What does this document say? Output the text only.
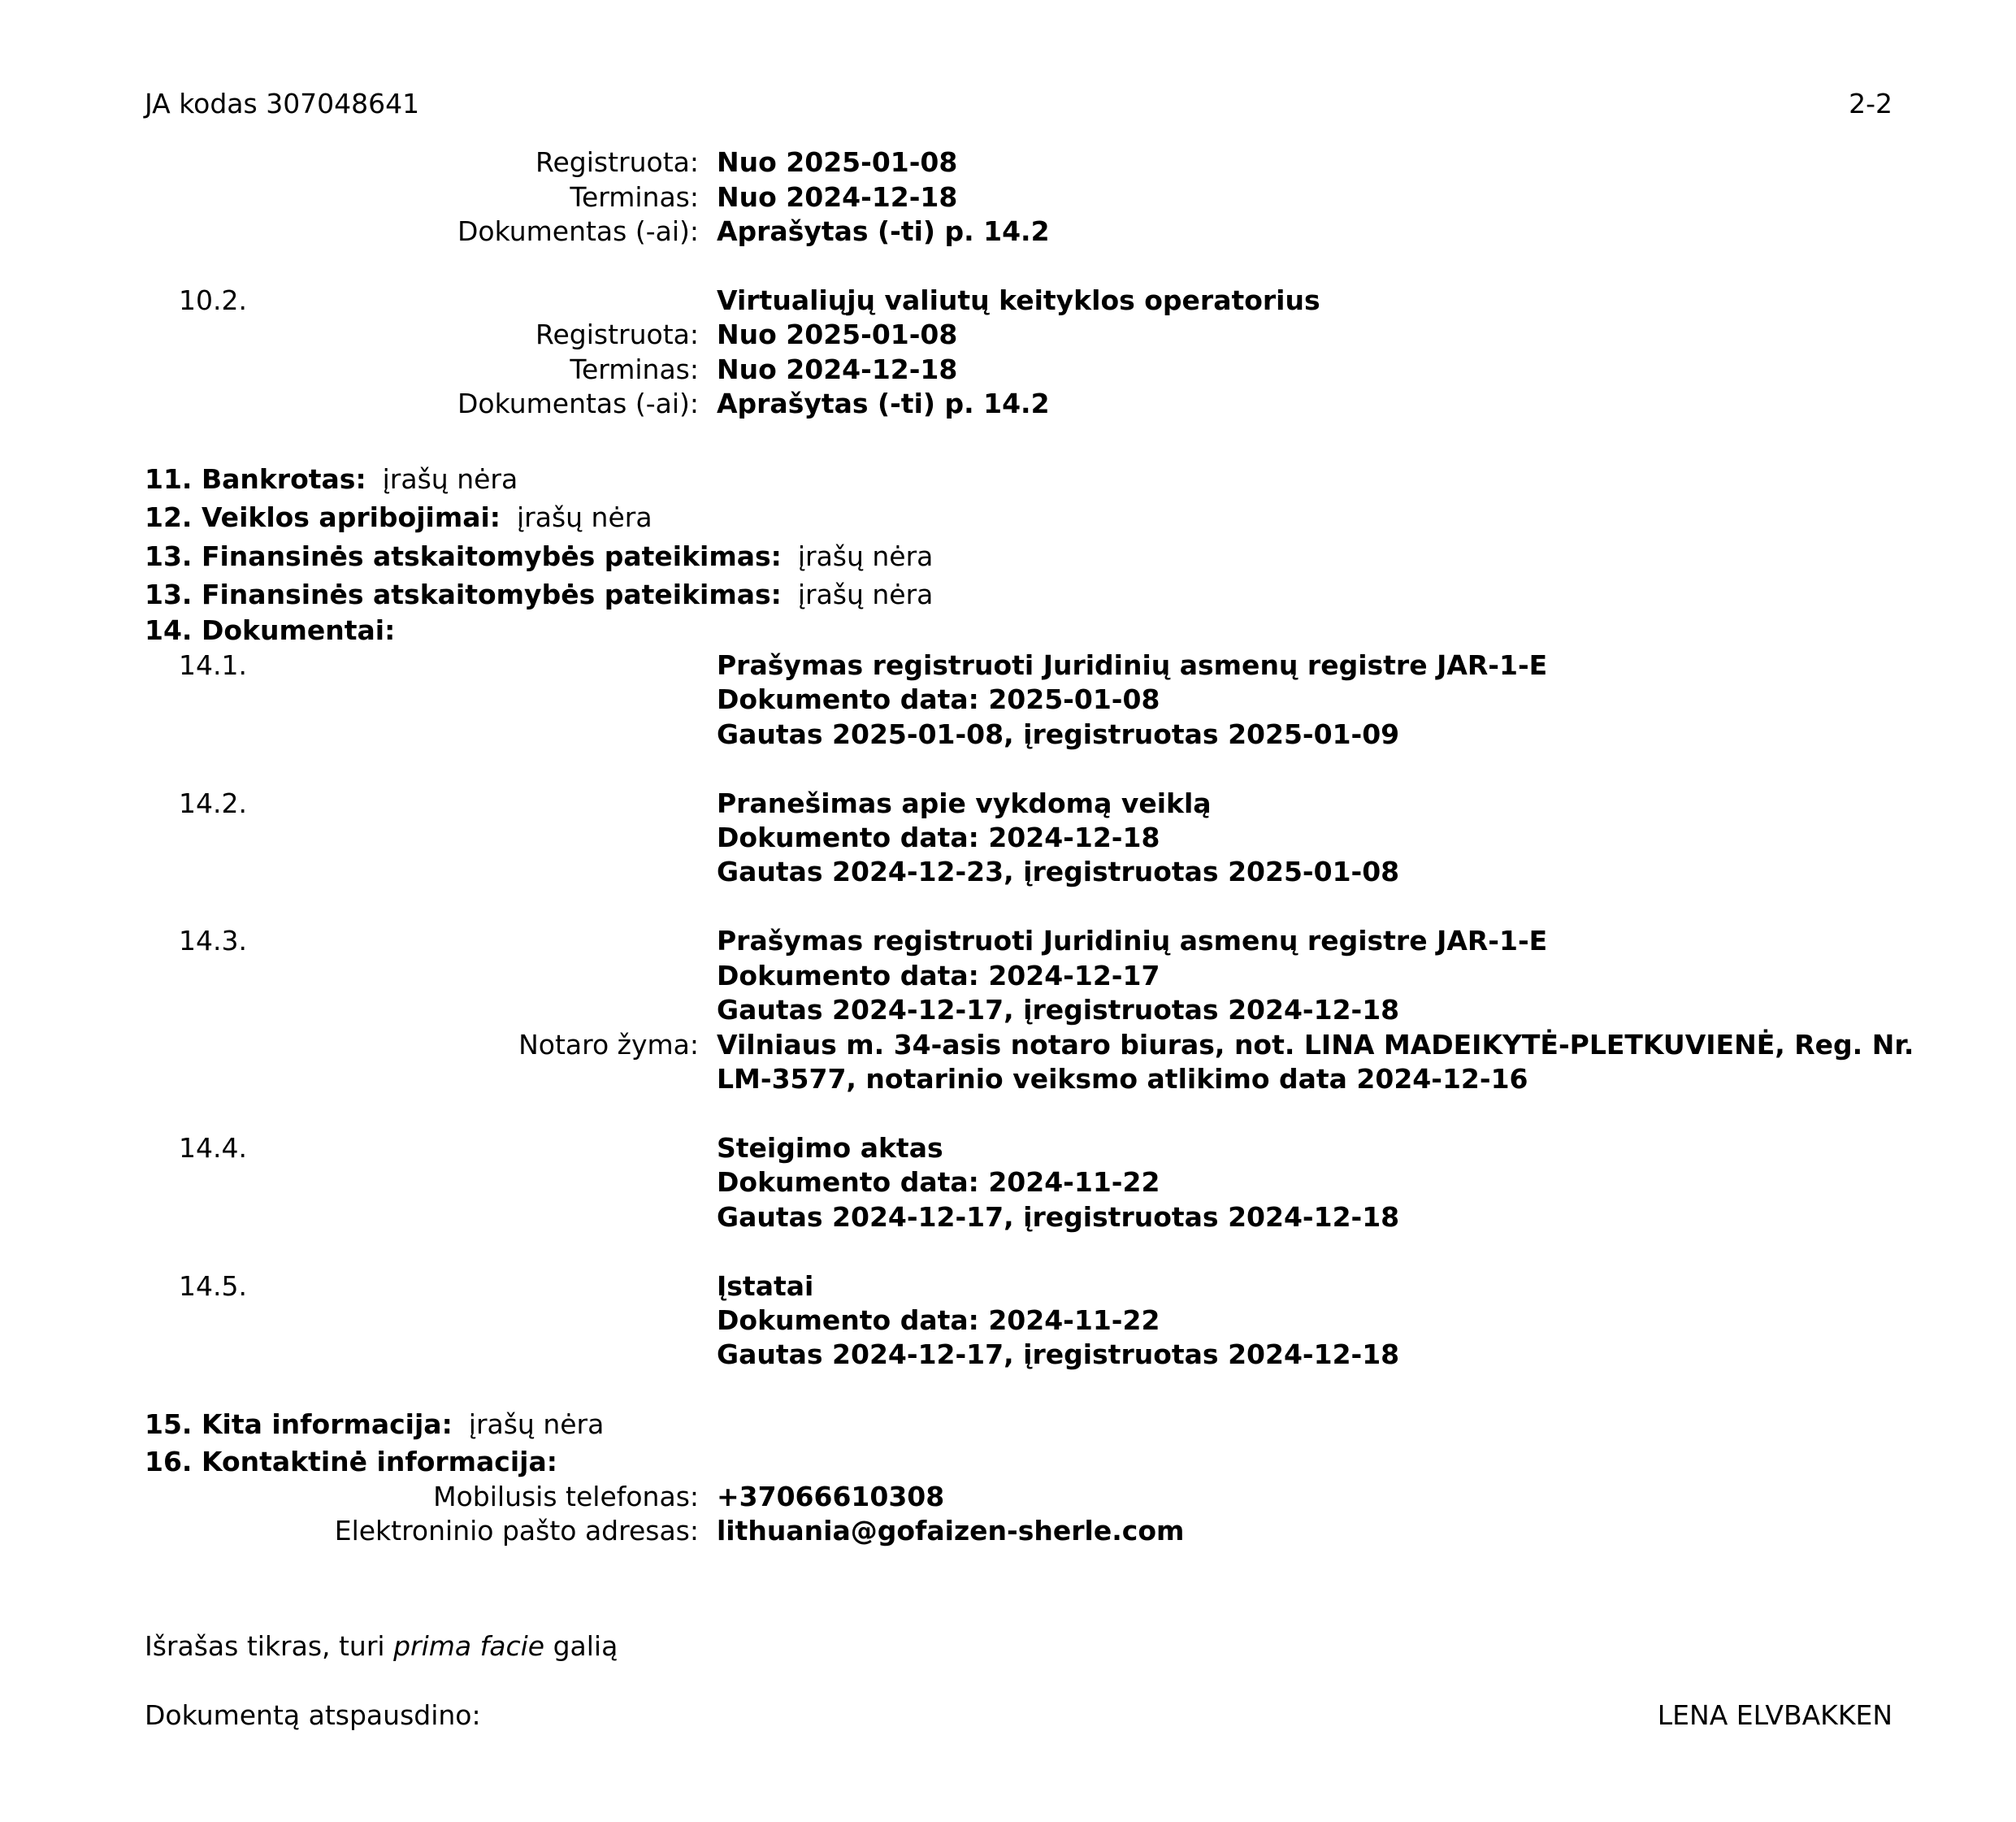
JA kodas 307048641	2-2
Registruota: Nuo 2025-01-08
Terminas: Nuo 2024-12-18
Dokumentas (-ai): Aprašytas (-ti) p. 14.2
10.2.	Virtualiųjų valiutų keityklos operatorius
Registruota: Nuo 2025-01-08
Terminas: Nuo 2024-12-18
Dokumentas (-ai): Aprašytas (-ti) p. 14.2
11. Bankrotas: įrašų nėra
12. Veiklos apribojimai: įrašų nėra
13. Finansinės atskaitomybės pateikimas: įrašų nėra
13. Finansinės atskaitomybės pateikimas: įrašų nėra
14. Dokumentai:
14.1.	Prašymas registruoti Juridinių asmenų registre JAR-1-E
Dokumento data: 2025-01-08
Gautas 2025-01-08, įregistruotas 2025-01-09
14.2.	Pranešimas apie vykdomą veiklą
Dokumento data: 2024-12-18
Gautas 2024-12-23, įregistruotas 2025-01-08
14.3.	Prašymas registruoti Juridinių asmenų registre JAR-1-E
Dokumento data: 2024-12-17
Gautas 2024-12-17, įregistruotas 2024-12-18
Notaro žyma: Vilniaus m. 34-asis notaro biuras, not. LINA MADEIKYTĖ-PLETKUVIENĖ, Reg. Nr.
LM-3577, notarinio veiksmo atlikimo data 2024-12-16
14.4.	Steigimo aktas
Dokumento data: 2024-11-22
Gautas 2024-12-17, įregistruotas 2024-12-18
14.5.	Įstatai
Dokumento data: 2024-11-22
Gautas 2024-12-17, įregistruotas 2024-12-18
15. Kita informacija: įrašų nėra
16. Kontaktinė informacija:
Mobilusis telefonas: +37066610308
Elektroninio pašto adresas: lithuania@gofaizen-sherle.com
Išrašas tikras, turi prima facie galią
Dokumentą atspausdino:	LENA ELVBAKKEN
